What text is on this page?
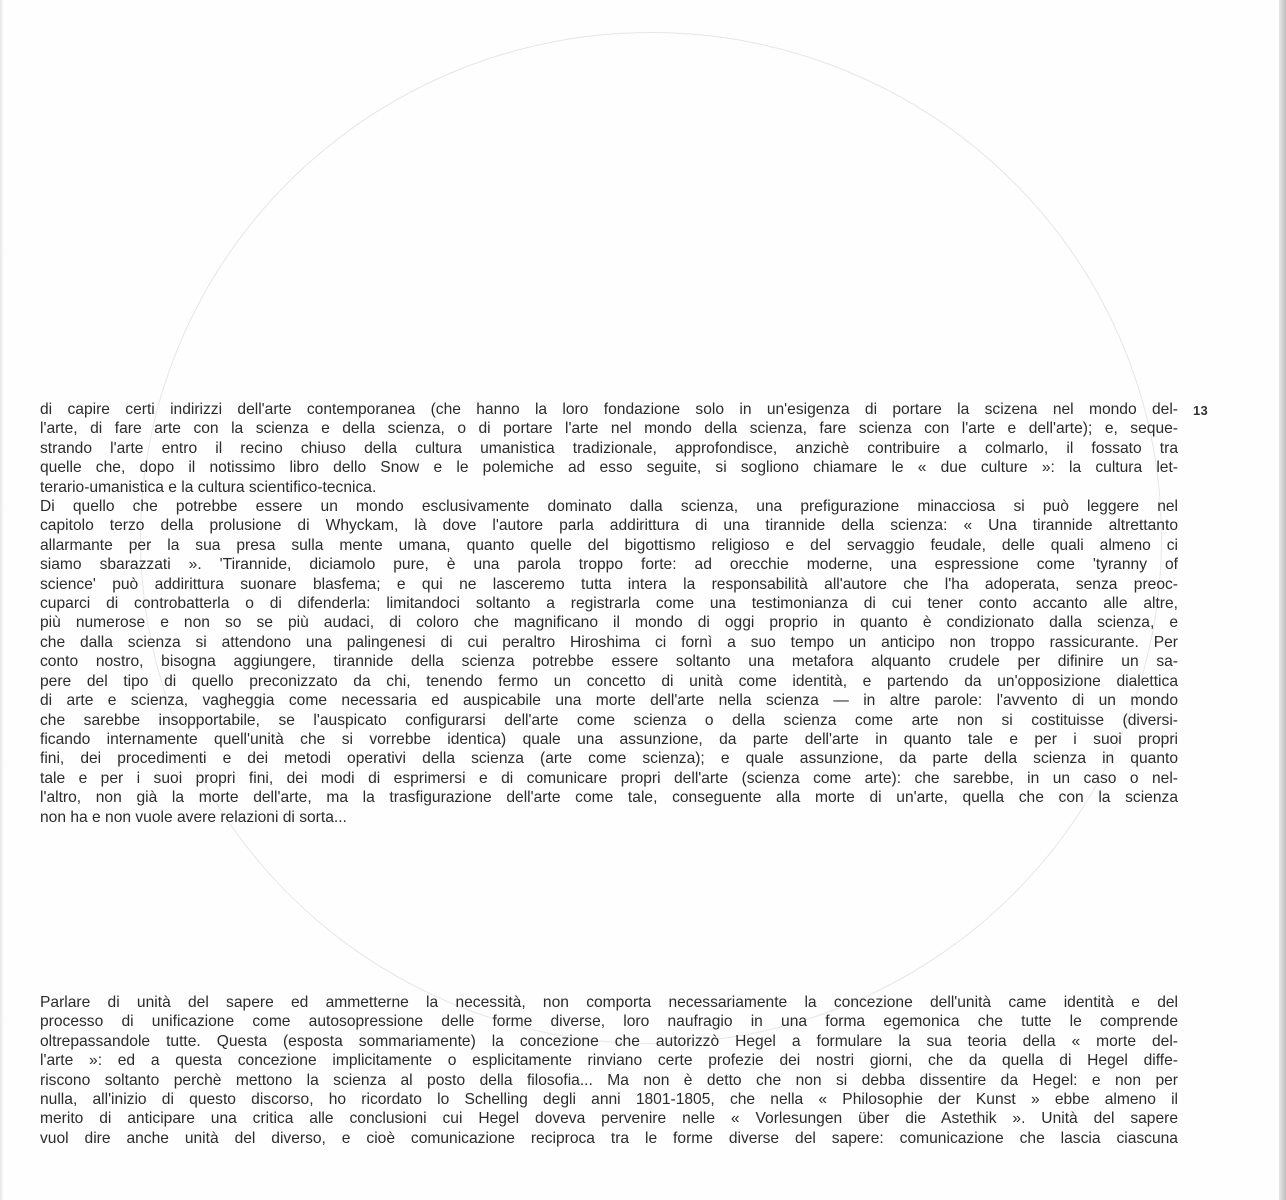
13

di capire certi indirizzi dell'arte contemporanea (che hanno la loro fondazione solo in un'esigenza di portare la scizena nel mondo del-
l'arte, di fare arte con la scienza e della scienza, o di portare l'arte nel mondo della scienza, fare scienza con l'arte e dell'arte); e, seque-
strando l'arte entro il recino chiuso della cultura umanistica tradizionale, approfondisce, anzichè contribuire a colmarlo, il fossato tra
quelle che, dopo il notissimo libro dello Snow e le polemiche ad esso seguite, si sogliono chiamare le « due culture »: la cultura let-
terario-umanistica e la cultura scientifico-tecnica.

Di quello che potrebbe essere un mondo esclusivamente dominato dalla scienza, una prefigurazione minacciosa si può leggere nel
capitolo terzo della prolusione di Whyckam, là dove l'autore parla addirittura di una tirannide della scienza: « Una tirannide altrettanto
allarmante per la sua presa sulla mente umana, quanto quelle del bigottismo religioso e del servaggio feudale, delle quali almeno ci
siamo sbarazzati ». 'Tirannide, diciamolo pure, è una parola troppo forte: ad orecchie moderne, una espressione come 'tyranny of
science' può addirittura suonare blasfema; e qui ne lasceremo tutta intera la responsabilità all'autore che l'ha adoperata, senza preoc-
cuparci di controbatterla o di difenderla: limitandoci soltanto a registrarla come una testimonianza di cui tener conto accanto alle altre,
più numerose e non so se più audaci, di coloro che magnificano il mondo di oggi proprio in quanto è condizionato dalla scienza, e
che dalla scienza si attendono una palingenesi di cui peraltro Hiroshima ci fornì a suo tempo un anticipo non troppo rassicurante. Per
conto nostro, bisogna aggiungere, tirannide della scienza potrebbe essere soltanto una metafora alquanto crudele per difinire un sa-
pere del tipo di quello preconizzato da chi, tenendo fermo un concetto di unità come identità, e partendo da un'opposizione dialettica
di arte e scienza, vagheggia come necessaria ed auspicabile una morte dell'arte nella scienza — in altre parole: l'avvento di un mondo
che sarebbe insopportabile, se l'auspicato configurarsi dell'arte come scienza o della scienza come arte non si costituisse (diversi-
ficando internamente quell'unità che si vorrebbe identica) quale una assunzione, da parte dell'arte in quanto tale e per i suoi propri
fini, dei procedimenti e dei metodi operativi della scienza (arte come scienza); e quale assunzione, da parte della scienza in quanto
tale e per i suoi propri fini, dei modi di esprimersi e di comunicare propri dell'arte (scienza come arte): che sarebbe, in un caso o nel-
l'altro, non già la morte dell'arte, ma la trasfigurazione dell'arte come tale, conseguente alla morte di un'arte, quella che con la scienza
non ha e non vuole avere relazioni di sorta...

Parlare di unità del sapere ed ammetterne la necessità, non comporta necessariamente la concezione dell'unità came identità e del
processo di unificazione come autosopressione delle forme diverse, loro naufragio in una forma egemonica che tutte le comprende
oltrepassandole tutte. Questa (esposta sommariamente) la concezione che autorizzò Hegel a formulare la sua teoria della « morte del-
l'arte »: ed a questa concezione implicitamente o esplicitamente rinviano certe profezie dei nostri giorni, che da quella di Hegel diffe-
riscono soltanto perchè mettono la scienza al posto della filosofia... Ma non è detto che non si debba dissentire da Hegel: e non per
nulla, all'inizio di questo discorso, ho ricordato lo Schelling degli anni 1801-1805, che nella « Philosophie der Kunst » ebbe almeno il
merito di anticipare una critica alle conclusioni cui Hegel doveva pervenire nelle « Vorlesungen über die Astethik ». Unità del sapere
vuol dire anche unità del diverso, e cioè comunicazione reciproca tra le forme diverse del sapere: comunicazione che lascia ciascuna
